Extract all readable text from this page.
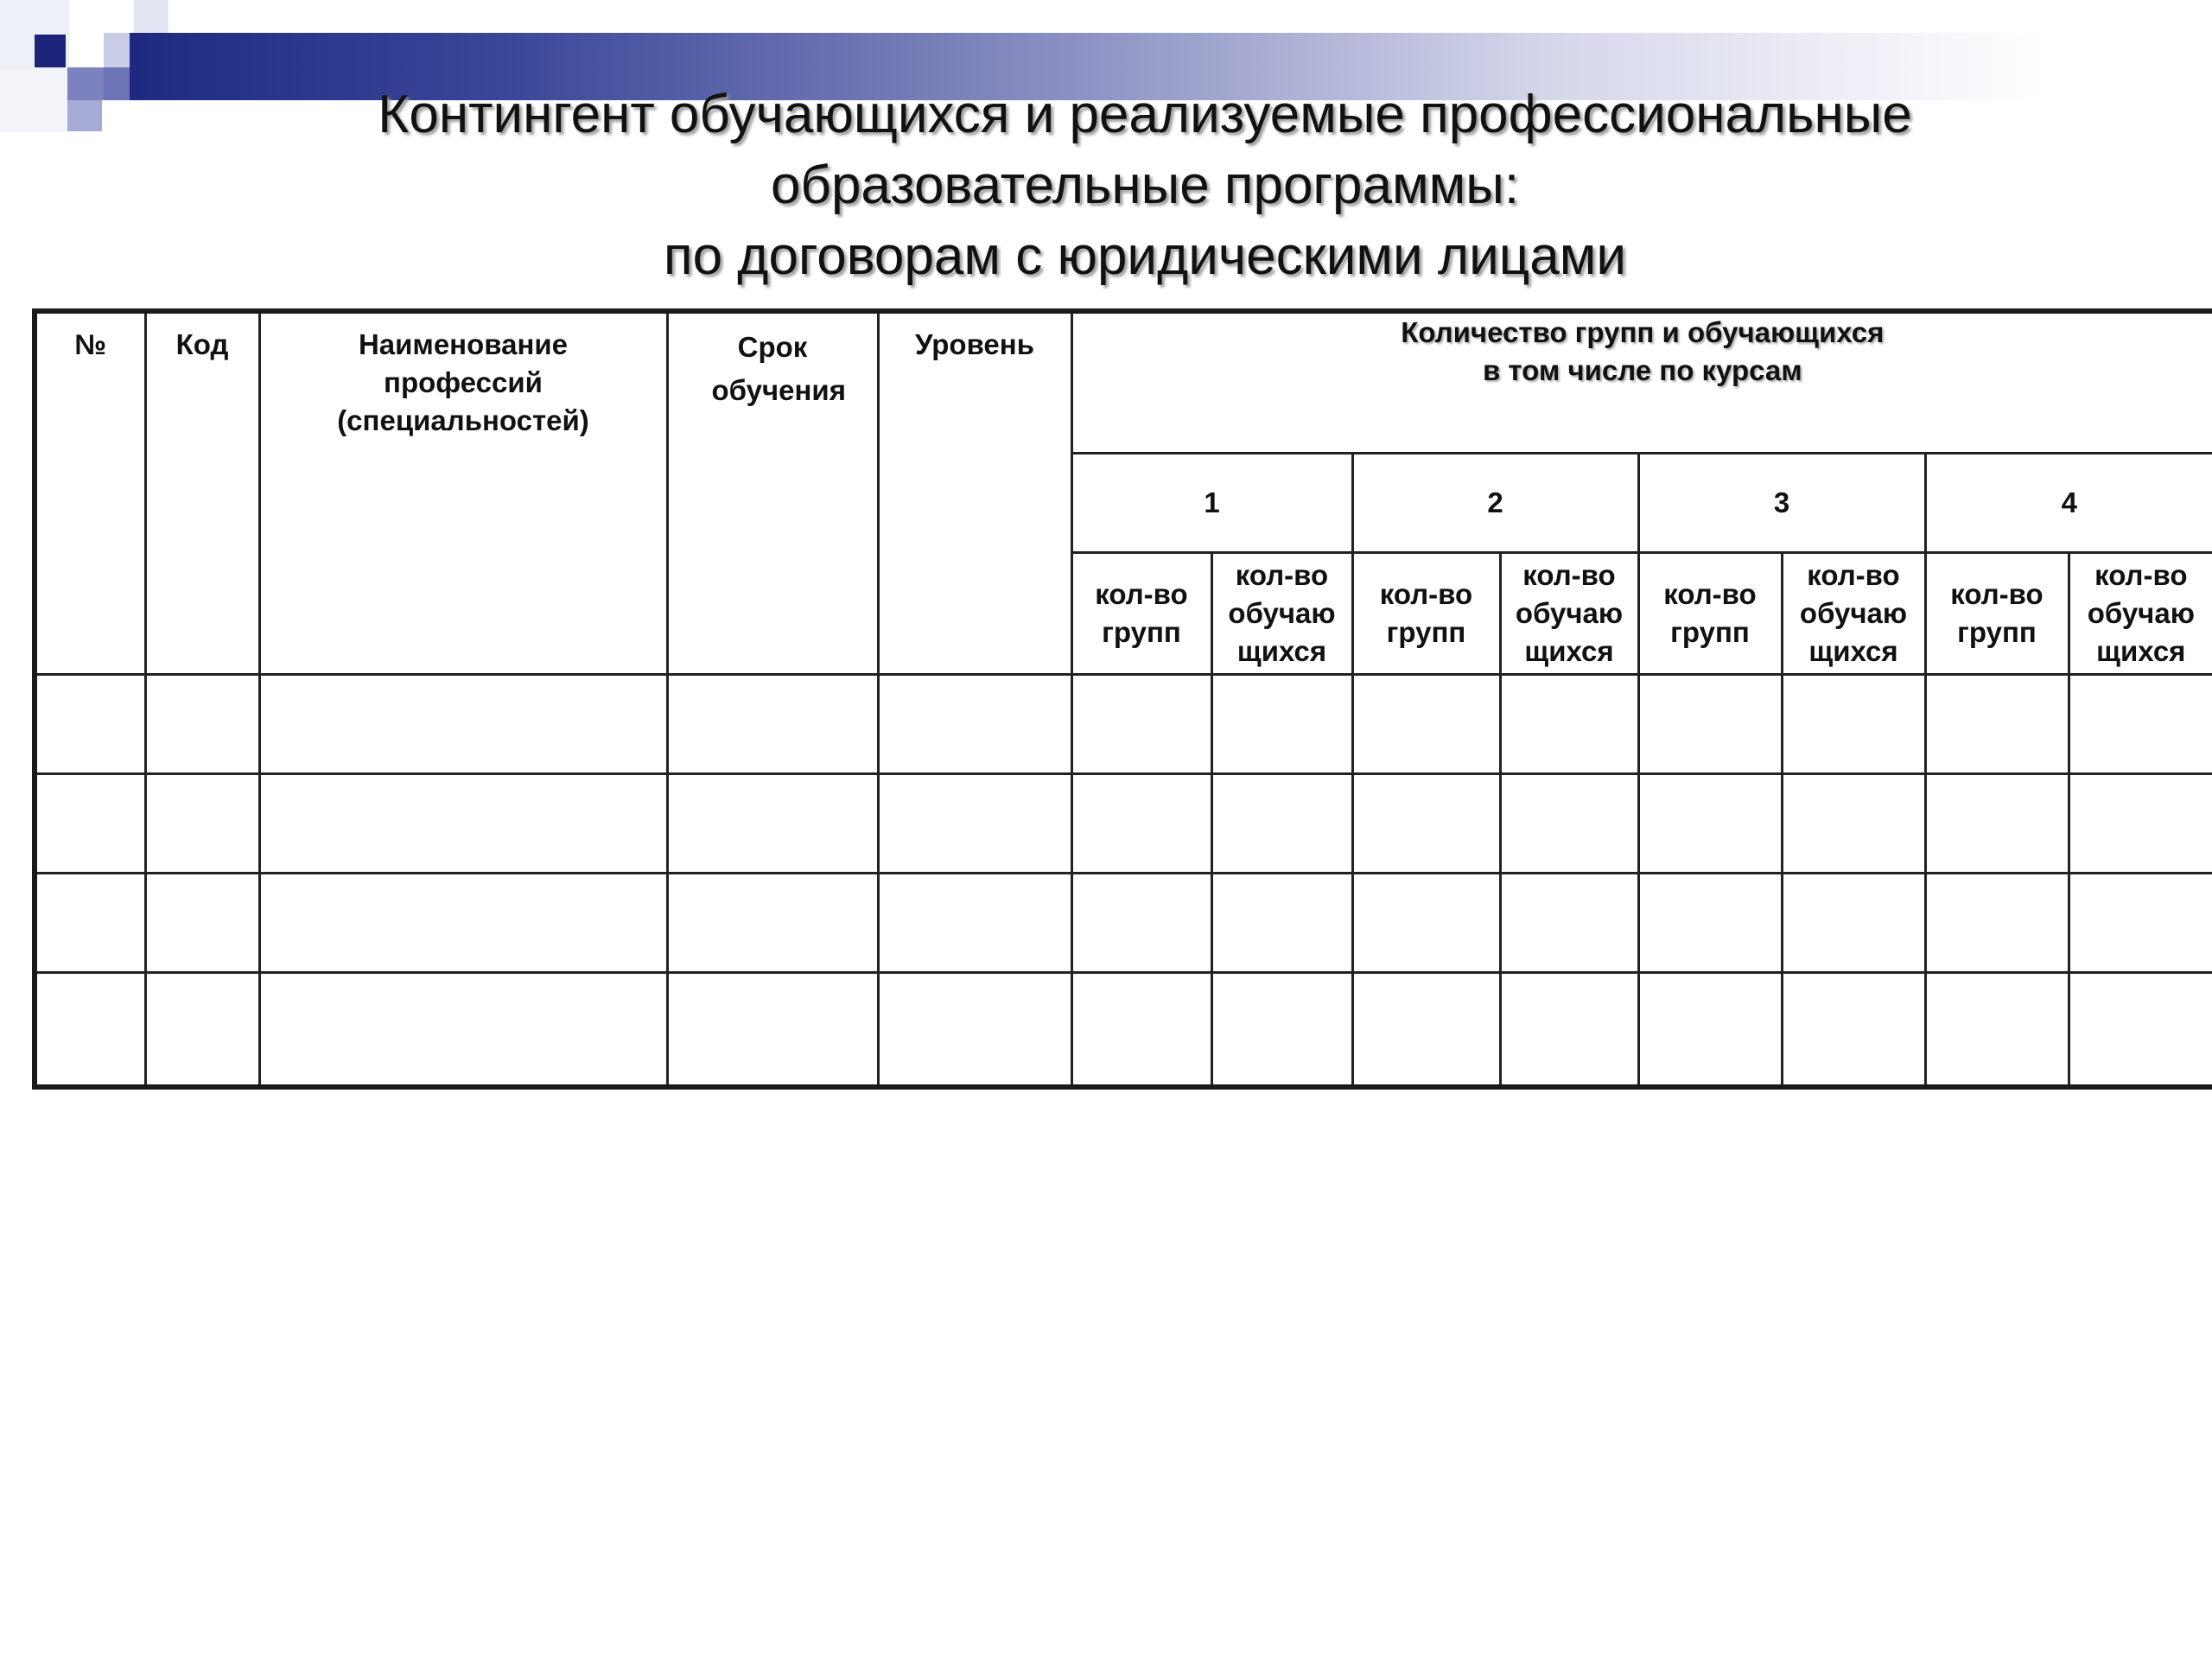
Контингент обучающихся и реализуемые профессиональные
образовательные программы:
по договорам с юридическими лицами
№	Код	Наименование профессий (специальностей)	Срок обучения	Уровень	Количество групп и обучающихся
в том числе по курсам							

					1		2		3		4	
					кол-во групп	кол-во обучаю щихся	кол-во групп	кол-во обучаю щихся	кол-во групп	кол-во обучаю щихся	кол-во групп	кол-во обучаю щихся
